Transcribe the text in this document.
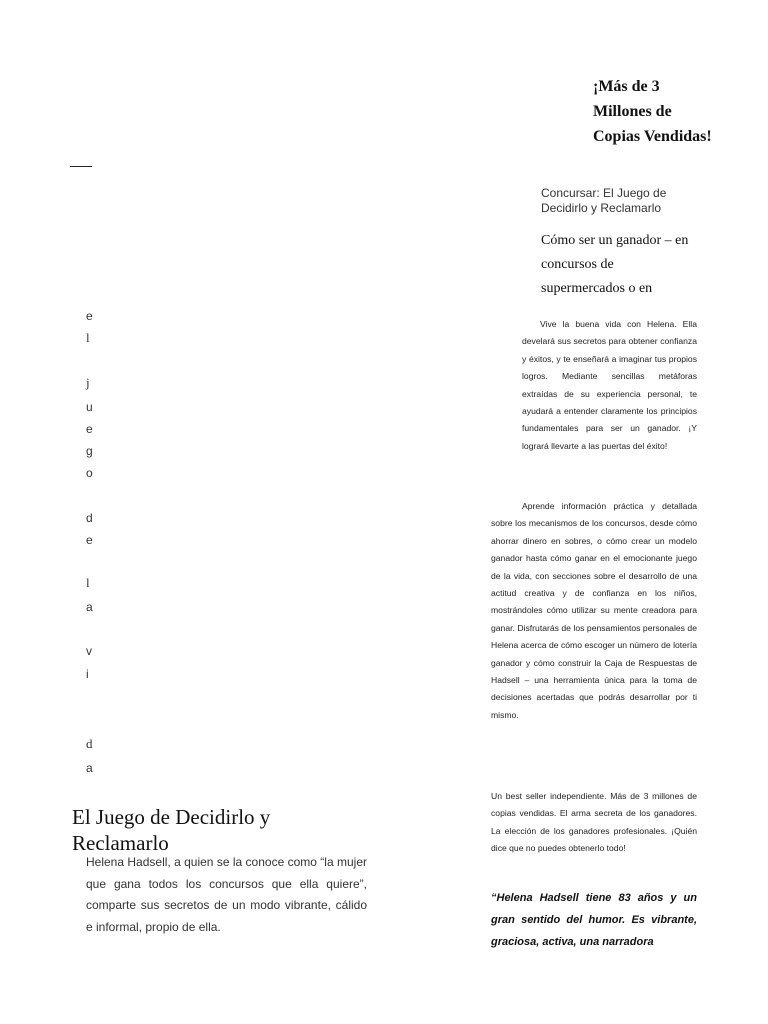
e
l
j
u
e
g
o
d
e
l
a
v
i
d
a
El Juego de Decidirlo y Reclamarlo

Helena Hadsell, a quien se la conoce como “la mujer que gana todos los concursos que ella quiere”, comparte sus secretos de un modo vibrante, cálido e informal, propio de ella.

¡Más de 3 Millones de Copias Vendidas!

Concursar: El Juego de Decidirlo y Reclamarlo

Cómo ser un ganador – en concursos de supermercados o en

Vive la buena vida con Helena. Ella develará sus secretos para obtener confianza y éxitos, y te enseñará a imaginar tus propios logros. Mediante sencillas metáforas extraídas de su experiencia personal, te ayudará a entender claramente los principios fundamentales para ser un ganador. ¡Y logrará llevarte a las puertas del éxito!

Aprende información práctica y detallada sobre los mecanismos de los concursos, desde cómo ahorrar dinero en sobres, o cómo crear un modelo ganador hasta cómo ganar en el emocionante juego de la vida, con secciones sobre el desarrollo de una actitud creativa y de confianza en los niños, mostrándoles cómo utilizar su mente creadora para ganar. Disfrutarás de los pensamientos personales de Helena acerca de cómo escoger un número de lotería ganador y cómo construir la Caja de Respuestas de Hadsell – una herramienta única para la toma de decisiones acertadas que podrás desarrollar por ti mismo.

Un best seller independiente. Más de 3 millones de copias vendidas. El arma secreta de los ganadores. La elección de los ganadores profesionales. ¡Quién dice que no puedes obtenerlo todo!

“Helena Hadsell tiene 83 años y un gran sentido del humor. Es vibrante, graciosa, activa, una narradora
